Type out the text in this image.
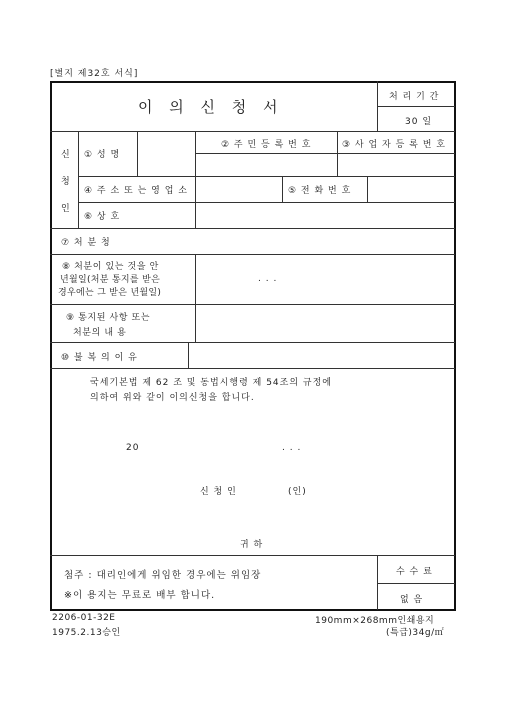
[별지 제32호 서식]
이 의 신 청 서
처 리 기 간
30 일
신
청
인
① 성 명
② 주 민 등 록 번 호	③ 사 업 자 등 록 번 호
④ 주 소 또 는 영 업 소	⑤ 전 화 번 호
⑥ 상 호
⑦ 처 분 청
⑧ 처분이 있는 것을 안
년월일(처분 통지를 받은
경우에는 그 받은 년월일)
. . .
⑨ 통지된 사항 또는
처분의 내 용
⑩ 불 복 의 이 유
국세기본법 제 62 조 및 동법시행령 제 54조의 규정에
의하여 위와 같이 이의신청을 합니다.
20	. . .
신 청 인	(인)
귀 하
첨주 : 대리인에게 위임한 경우에는 위임장
※이 용지는 무료로 배부 합니다.
수 수 료
없 음
2206-01-32E
1975.2.13승인
190mm×268mm인쇄용지
(특급)34g/㎡
